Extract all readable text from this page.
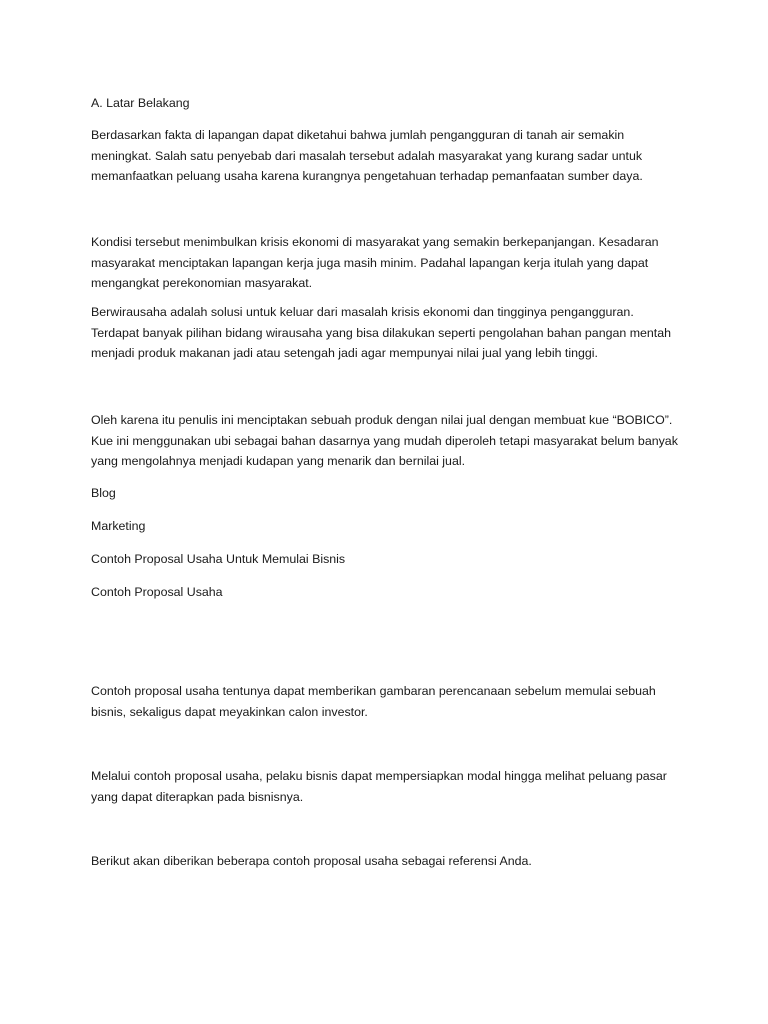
A. Latar Belakang

Berdasarkan fakta di lapangan dapat diketahui bahwa jumlah pengangguran di tanah air semakin meningkat. Salah satu penyebab dari masalah tersebut adalah masyarakat yang kurang sadar untuk memanfaatkan peluang usaha karena kurangnya pengetahuan terhadap pemanfaatan sumber daya.

Kondisi tersebut menimbulkan krisis ekonomi di masyarakat yang semakin berkepanjangan. Kesadaran masyarakat menciptakan lapangan kerja juga masih minim. Padahal lapangan kerja itulah yang dapat mengangkat perekonomian masyarakat.

Berwirausaha adalah solusi untuk keluar dari masalah krisis ekonomi dan tingginya pengangguran. Terdapat banyak pilihan bidang wirausaha yang bisa dilakukan seperti pengolahan bahan pangan mentah menjadi produk makanan jadi atau setengah jadi agar mempunyai nilai jual yang lebih tinggi.

Oleh karena itu penulis ini menciptakan sebuah produk dengan nilai jual dengan membuat kue “BOBICO”. Kue ini menggunakan ubi sebagai bahan dasarnya yang mudah diperoleh tetapi masyarakat belum banyak yang mengolahnya menjadi kudapan yang menarik dan bernilai jual.

Blog

Marketing

Contoh Proposal Usaha Untuk Memulai Bisnis

Contoh Proposal Usaha

Contoh proposal usaha tentunya dapat memberikan gambaran perencanaan sebelum memulai sebuah bisnis, sekaligus dapat meyakinkan calon investor.

Melalui contoh proposal usaha, pelaku bisnis dapat mempersiapkan modal hingga melihat peluang pasar yang dapat diterapkan pada bisnisnya.

Berikut akan diberikan beberapa contoh proposal usaha sebagai referensi Anda.
